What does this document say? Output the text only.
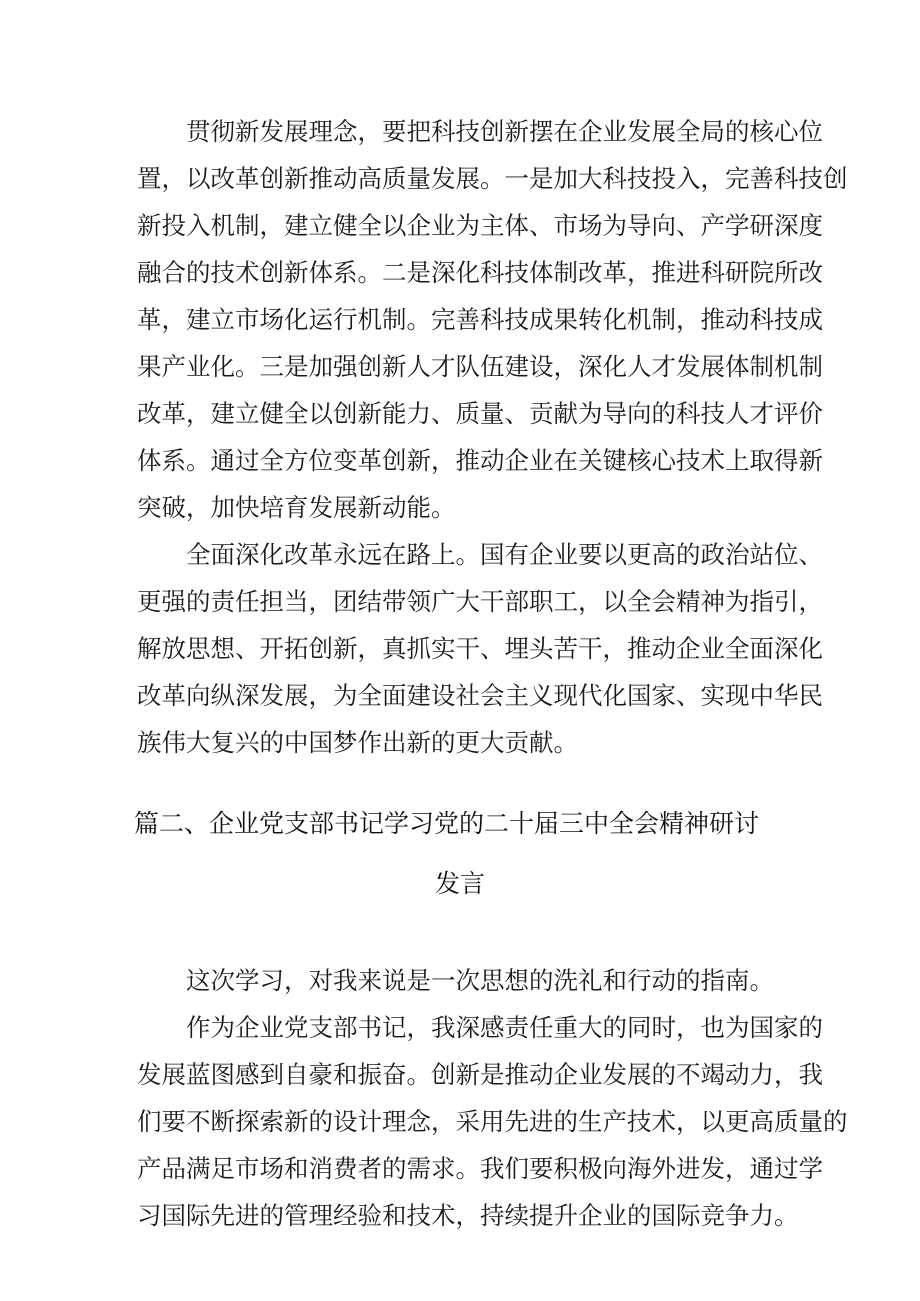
贯彻新发展理念，要把科技创新摆在企业发展全局的核心位
置，以改革创新推动高质量发展。一是加大科技投入，完善科技创
新投入机制，建立健全以企业为主体、市场为导向、产学研深度
融合的技术创新体系。二是深化科技体制改革，推进科研院所改
革，建立市场化运行机制。完善科技成果转化机制，推动科技成
果产业化。三是加强创新人才队伍建设，深化人才发展体制机制
改革，建立健全以创新能力、质量、贡献为导向的科技人才评价
体系。通过全方位变革创新，推动企业在关键核心技术上取得新
突破，加快培育发展新动能。
全面深化改革永远在路上。国有企业要以更高的政治站位、
更强的责任担当，团结带领广大干部职工，以全会精神为指引，
解放思想、开拓创新，真抓实干、埋头苦干，推动企业全面深化
改革向纵深发展，为全面建设社会主义现代化国家、实现中华民
族伟大复兴的中国梦作出新的更大贡献。
篇二、企业党支部书记学习党的二十届三中全会精神研讨
发言
这次学习，对我来说是一次思想的洗礼和行动的指南。
作为企业党支部书记，我深感责任重大的同时，也为国家的
发展蓝图感到自豪和振奋。创新是推动企业发展的不竭动力，我
们要不断探索新的设计理念，采用先进的生产技术，以更高质量的
产品满足市场和消费者的需求。我们要积极向海外进发，通过学
习国际先进的管理经验和技术，持续提升企业的国际竞争力。
